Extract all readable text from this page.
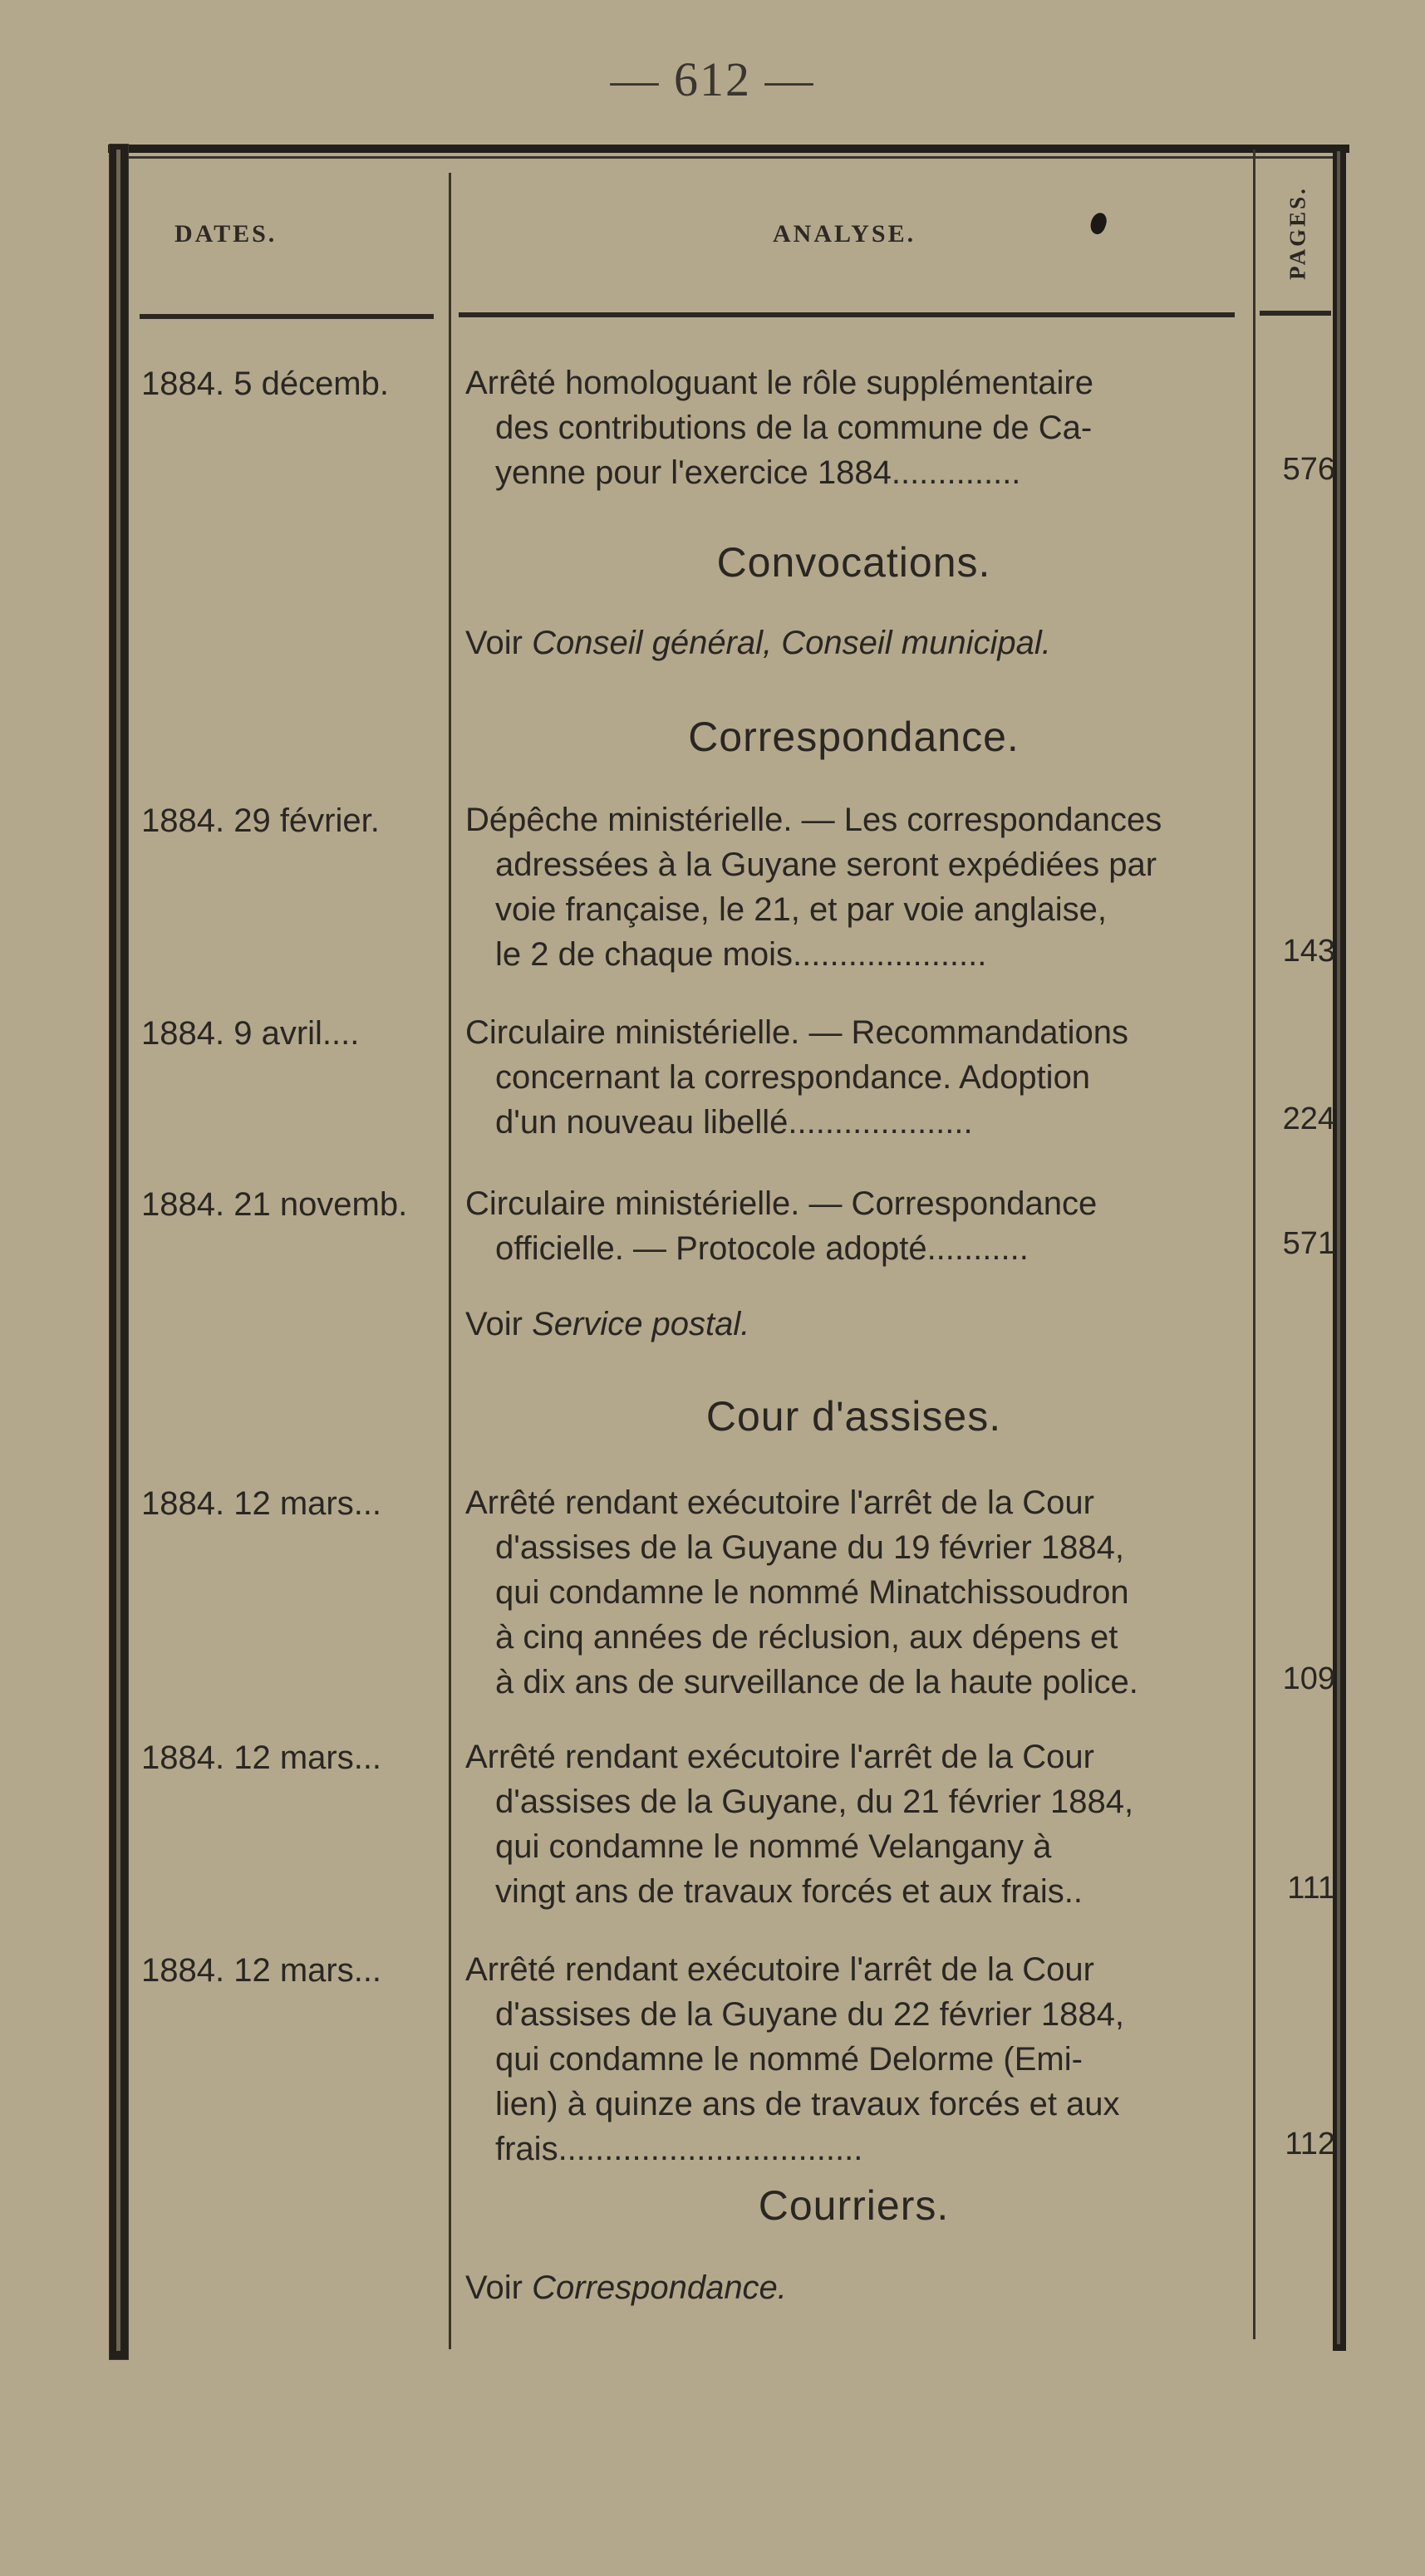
— 612 —
DATES.	ANALYSE.	PAGES.
1884. 5 décemb.	Arrêté homologuant le rôle supplémentaire
des contributions de la commune de Ca-
yenne pour l'exercice 1884..............	576
Convocations.
Voir Conseil général, Conseil municipal.
Correspondance.
1884. 29 février.	Dépêche ministérielle. — Les correspondances
adressées à la Guyane seront expédiées par
voie française, le 21, et par voie anglaise,
le 2 de chaque mois.....................	143
1884. 9 avril....	Circulaire ministérielle. — Recommandations
concernant la correspondance. Adoption
d'un nouveau libellé....................	224
1884. 21 novemb.	Circulaire ministérielle. — Correspondance
officielle. — Protocole adopté...........	571
Voir Service postal.
Cour d'assises.
1884. 12 mars...	Arrêté rendant exécutoire l'arrêt de la Cour
d'assises de la Guyane du 19 février 1884,
qui condamne le nommé Minatchissoudron
à cinq années de réclusion, aux dépens et
à dix ans de surveillance de la haute police.	109
1884. 12 mars...	Arrêté rendant exécutoire l'arrêt de la Cour
d'assises de la Guyane, du 21 février 1884,
qui condamne le nommé Velangany à
vingt ans de travaux forcés et aux frais..	111
1884. 12 mars...	Arrêté rendant exécutoire l'arrêt de la Cour
d'assises de la Guyane du 22 février 1884,
qui condamne le nommé Delorme (Emi-
lien) à quinze ans de travaux forcés et aux
frais.................................	112
Courriers.
Voir Correspondance.
